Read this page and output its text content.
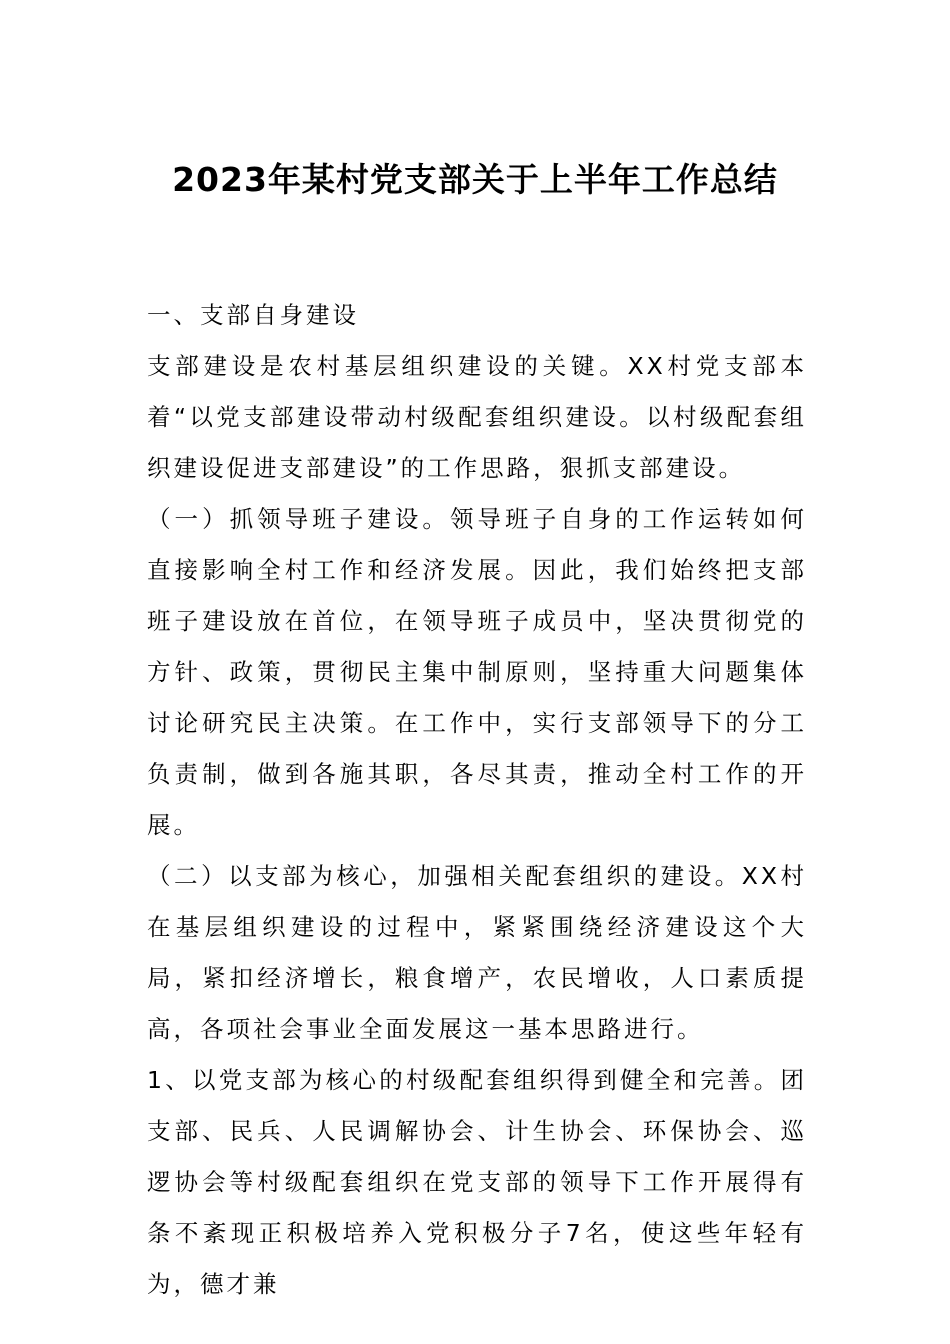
2023年某村党支部关于上半年工作总结

一、支部自身建设

支部建设是农村基层组织建设的关键。XX村党支部本着“以党支部建设带动村级配套组织建设。以村级配套组织建设促进支部建设”的工作思路，狠抓支部建设。

（一）抓领导班子建设。领导班子自身的工作运转如何直接影响全村工作和经济发展。因此，我们始终把支部班子建设放在首位，在领导班子成员中，坚决贯彻党的方针、政策，贯彻民主集中制原则，坚持重大问题集体讨论研究民主决策。在工作中，实行支部领导下的分工负责制，做到各施其职，各尽其责，推动全村工作的开展。

（二）以支部为核心，加强相关配套组织的建设。XX村在基层组织建设的过程中，紧紧围绕经济建设这个大局，紧扣经济增长，粮食增产，农民增收，人口素质提高，各项社会事业全面发展这一基本思路进行。

1、以党支部为核心的村级配套组织得到健全和完善。团支部、民兵、人民调解协会、计生协会、环保协会、巡逻协会等村级配套组织在党支部的领导下工作开展得有条不紊现正积极培养入党积极分子7名，使这些年轻有为，德才兼
